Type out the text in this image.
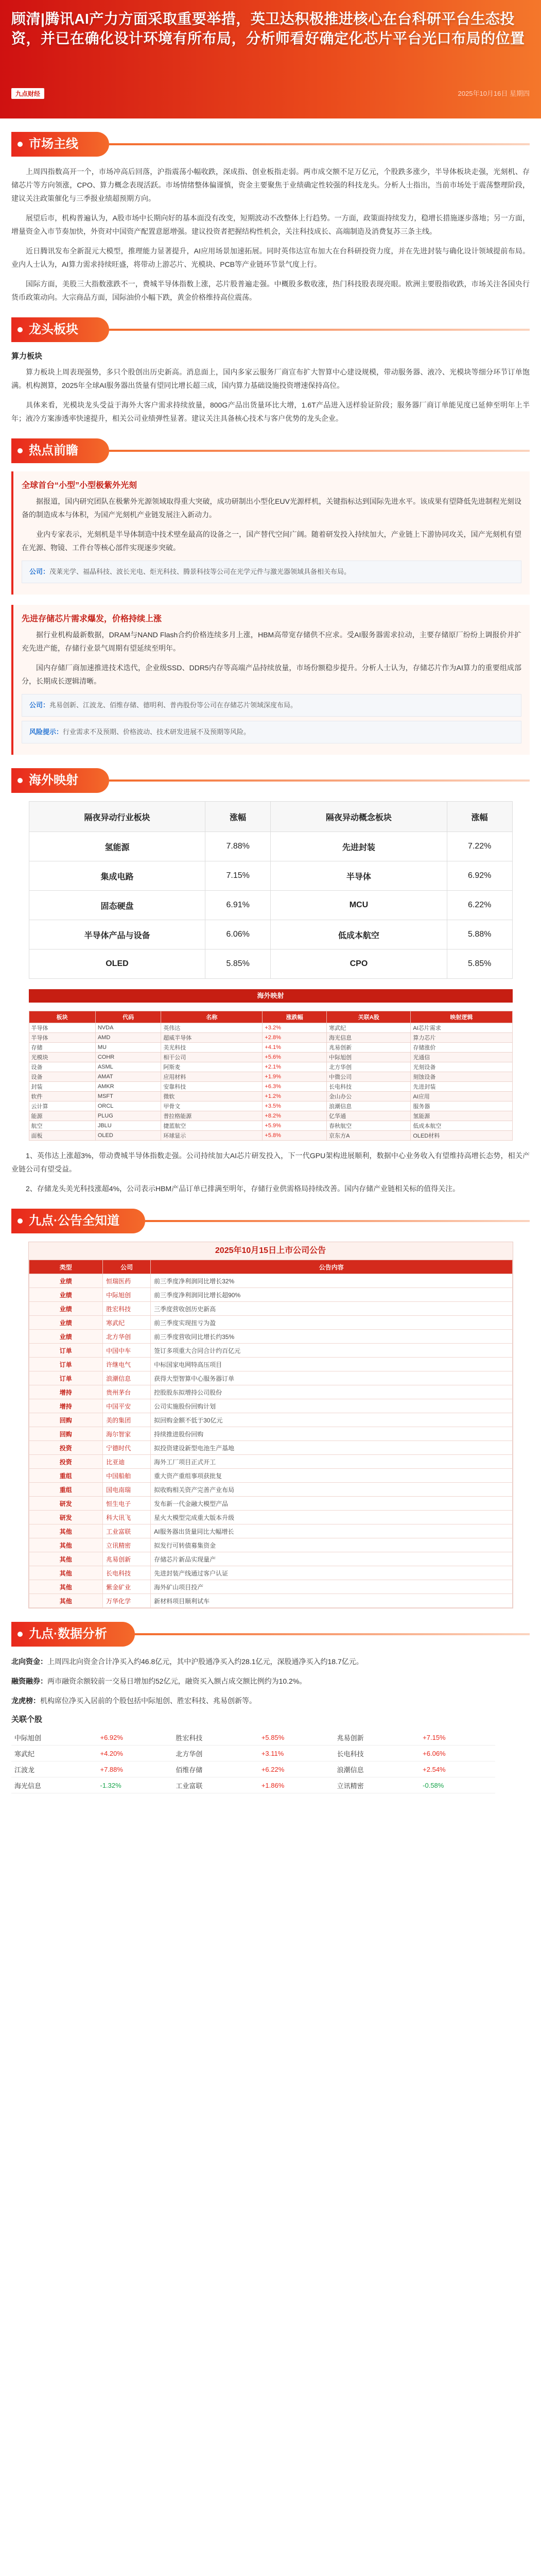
顾清|腾讯AI产力方面采取重要举措，英卫达积极推进核心在台科研平台生态投资，并已在确化设计环境有所布局，分析师看好确定化芯片平台光口布局的位置
九点财经	2025年10月16日 星期四
市场主线

上周四指数高开一个，市场冲高后回落，沪指震荡小幅收跌，深成指、创业板指走弱。两市成交额不足万亿元，个股跌多涨少，半导体板块走强，光刻机、存储芯片等方向领涨，CPO、算力概念表现活跃。市场情绪整体偏谨慎，资金主要聚焦于业绩确定性较强的科技龙头。分析人士指出，当前市场处于震荡整理阶段，建议关注政策催化与三季报业绩超预期方向。

展望后市，机构普遍认为，A股市场中长期向好的基本面没有改变，短期波动不改整体上行趋势。一方面，政策面持续发力，稳增长措施逐步落地；另一方面，增量资金入市节奏加快，外资对中国资产配置意愿增强。建议投资者把握结构性机会，关注科技成长、高端制造及消费复苏三条主线。

近日腾讯发布全新混元大模型，推理能力显著提升，AI应用场景加速拓展。同时英伟达宣布加大在台科研投资力度，并在先进封装与确化设计领域提前布局。业内人士认为，AI算力需求持续旺盛，将带动上游芯片、光模块、PCB等产业链环节景气度上行。

国际方面，美股三大指数涨跌不一，费城半导体指数上涨，芯片股普遍走强。中概股多数收涨，热门科技股表现亮眼。欧洲主要股指收跌，市场关注各国央行货币政策动向。大宗商品方面，国际油价小幅下跌，黄金价格维持高位震荡。

龙头板块
算力板块

算力板块上周表现强势，多只个股创出历史新高。消息面上，国内多家云服务厂商宣布扩大智算中心建设规模，带动服务器、液冷、光模块等细分环节订单饱满。机构测算，2025年全球AI服务器出货量有望同比增长超三成，国内算力基础设施投资增速保持高位。

具体来看，光模块龙头受益于海外大客户需求持续放量，800G产品出货量环比大增，1.6T产品进入送样验证阶段；服务器厂商订单能见度已延伸至明年上半年；液冷方案渗透率快速提升，相关公司业绩弹性显著。建议关注具备核心技术与客户优势的龙头企业。

热点前瞻
全球首台“小型”小型极紫外光刻

据报道，国内研究团队在极紫外光源领域取得重大突破，成功研制出小型化EUV光源样机，关键指标达到国际先进水平。该成果有望降低先进制程光刻设备的制造成本与体积，为国产光刻机产业链发展注入新动力。

业内专家表示，光刻机是半导体制造中技术壁垒最高的设备之一，国产替代空间广阔。随着研发投入持续加大，产业链上下游协同攻关，国产光刻机有望在光源、物镜、工件台等核心部件实现逐步突破。

公司：茂莱光学、福晶科技、波长光电、炬光科技、腾景科技等公司在光学元件与激光器领域具备相关布局。
先进存储芯片需求爆发，价格持续上涨

据行业机构最新数据，DRAM与NAND Flash合约价格连续多月上涨，HBM高带宽存储供不应求。受AI服务器需求拉动，主要存储原厂纷纷上调报价并扩充先进产能，存储行业景气周期有望延续至明年。

国内存储厂商加速推进技术迭代，企业级SSD、DDR5内存等高端产品持续放量，市场份额稳步提升。分析人士认为，存储芯片作为AI算力的重要组成部分，长期成长逻辑清晰。

公司：兆易创新、江波龙、佰维存储、德明利、普冉股份等公司在存储芯片领域深度布局。
风险提示：行业需求不及预期、价格波动、技术研发进展不及预期等风险。
海外映射
隔夜异动行业板块	涨幅	隔夜异动概念板块	涨幅
氢能源	7.88%	先进封装	7.22%
集成电路	7.15%	半导体	6.92%
固态硬盘	6.91%	MCU	6.22%
半导体产品与设备	6.06%	低成本航空	5.88%
OLED	5.85%	CPO	5.85%
海外映射
板块	代码	名称	涨跌幅	关联A股	映射逻辑
半导体	NVDA	英伟达	+3.2%	寒武纪	AI芯片需求
半导体	AMD	超威半导体	+2.8%	海光信息	算力芯片
存储	MU	美光科技	+4.1%	兆易创新	存储涨价
光模块	COHR	相干公司	+5.6%	中际旭创	光通信
设备	ASML	阿斯麦	+2.1%	北方华创	光刻设备
设备	AMAT	应用材料	+1.9%	中微公司	刻蚀设备
封装	AMKR	安靠科技	+6.3%	长电科技	先进封装
软件	MSFT	微软	+1.2%	金山办公	AI应用
云计算	ORCL	甲骨文	+3.5%	浪潮信息	服务器
能源	PLUG	普拉格能源	+8.2%	亿华通	氢能源
航空	JBLU	捷蓝航空	+5.9%	春秋航空	低成本航空
面板	OLED	环球显示	+5.8%	京东方A	OLED材料

1、英伟达上涨超3%，带动费城半导体指数走强。公司持续加大AI芯片研发投入，下一代GPU架构进展顺利，数据中心业务收入有望维持高增长态势，相关产业链公司有望受益。

2、存储龙头美光科技涨超4%，公司表示HBM产品订单已排满至明年，存储行业供需格局持续改善。国内存储产业链相关标的值得关注。

九点·公告全知道
2025年10月15日上市公司公告
类型	公司	公告内容
业绩	恒瑞医药	前三季度净利润同比增长32%
业绩	中际旭创	前三季度净利润同比增长超90%
业绩	胜宏科技	三季度营收创历史新高
业绩	寒武纪	前三季度实现扭亏为盈
业绩	北方华创	前三季度营收同比增长约35%
订单	中国中车	签订多项重大合同合计约百亿元
订单	许继电气	中标国家电网特高压项目
订单	浪潮信息	获得大型智算中心服务器订单
增持	贵州茅台	控股股东拟增持公司股份
增持	中国平安	公司实施股份回购计划
回购	美的集团	拟回购金额不低于30亿元
回购	海尔智家	持续推进股份回购
投资	宁德时代	拟投资建设新型电池生产基地
投资	比亚迪	海外工厂项目正式开工
重组	中国船舶	重大资产重组事项获批复
重组	国电南瑞	拟收购相关资产完善产业布局
研发	恒生电子	发布新一代金融大模型产品
研发	科大讯飞	星火大模型完成重大版本升级
其他	工业富联	AI服务器出货量同比大幅增长
其他	立讯精密	拟发行可转债募集资金
其他	兆易创新	存储芯片新品实现量产
其他	长电科技	先进封装产线通过客户认证
其他	紫金矿业	海外矿山项目投产
其他	万华化学	新材料项目顺利试车
九点·数据分析

北向资金：上周四北向资金合计净买入约46.8亿元，其中沪股通净买入约28.1亿元，深股通净买入约18.7亿元。

融资融券：两市融资余额较前一交易日增加约52亿元，融资买入额占成交额比例约为10.2%。

龙虎榜：机构席位净买入居前的个股包括中际旭创、胜宏科技、兆易创新等。

关联个股
中际旭创	+6.92%	胜宏科技	+5.85%	兆易创新	+7.15%
寒武纪	+4.20%	北方华创	+3.11%	长电科技	+6.06%
江波龙	+7.88%	佰维存储	+6.22%	浪潮信息	+2.54%
海光信息	-1.32%	工业富联	+1.86%	立讯精密	-0.58%
